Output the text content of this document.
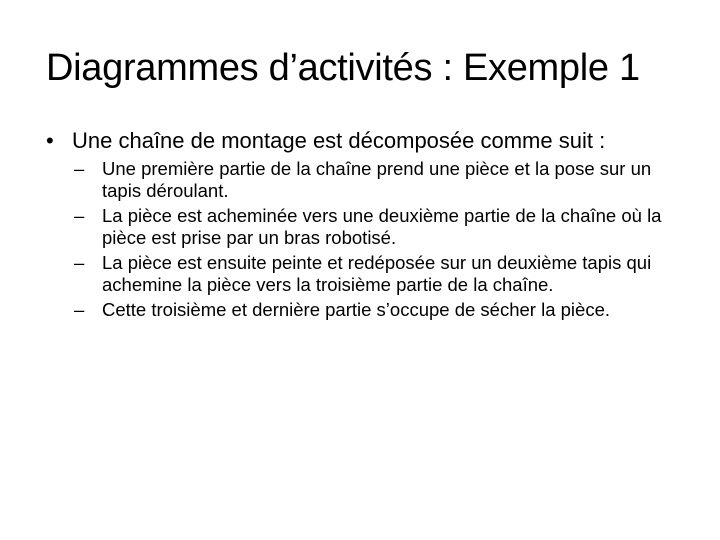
Diagrammes d’activités : Exemple 1
• Une chaîne de montage est décomposée comme suit :
– Une première partie de la chaîne prend une pièce et la pose sur un tapis déroulant.
– La pièce est acheminée vers une deuxième partie de la chaîne où la pièce est prise par un bras robotisé.
– La pièce est ensuite peinte et redéposée sur un deuxième tapis qui achemine la pièce vers la troisième partie de la chaîne.
– Cette troisième et dernière partie s’occupe de sécher la pièce.
